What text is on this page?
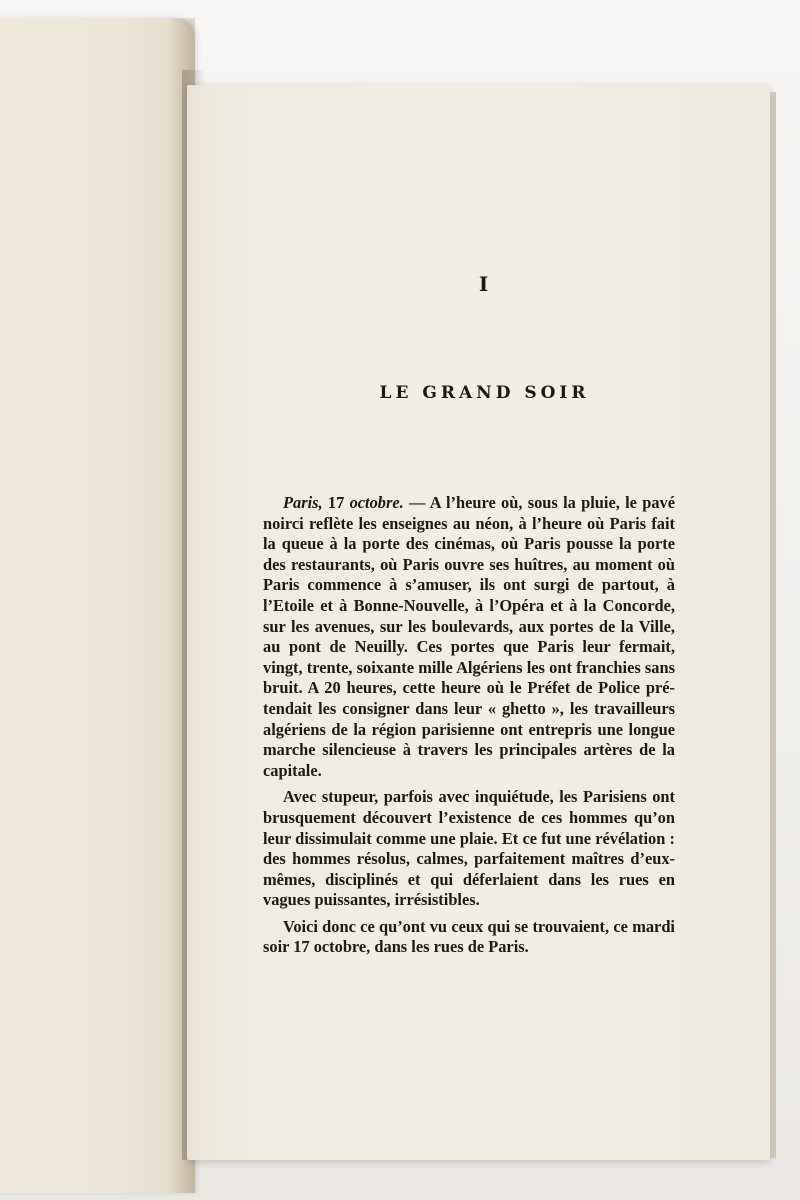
I
LE GRAND SOIR

Paris, 17 octobre. — A l’heure où, sous la pluie, le pavé noirci reflète les enseignes au néon, à l’heure où Paris fait la queue à la porte des cinémas, où Paris pousse la porte des restaurants, où Paris ouvre ses huîtres, au moment où Paris commence à s’amuser, ils ont surgi de partout, à l’Etoile et à Bonne-Nouvelle, à l’Opéra et à la Concorde, sur les avenues, sur les boulevards, aux portes de la Ville, au pont de Neuilly. Ces portes que Paris leur fermait, vingt, trente, soixante mille Algériens les ont franchies sans bruit. A 20 heures, cette heure où le Préfet de Police prétendait les consigner dans leur « ghetto », les travailleurs algériens de la région parisienne ont entrepris une longue marche silencieuse à travers les principales artères de la capitale.

Avec stupeur, parfois avec inquiétude, les Parisiens ont brusquement découvert l’existence de ces hommes qu’on leur dissimulait comme une plaie. Et ce fut une révélation : des hommes résolus, calmes, parfaitement maîtres d’eux-mêmes, disciplinés et qui déferlaient dans les rues en vagues puissantes, irrésistibles.

Voici donc ce qu’ont vu ceux qui se trouvaient, ce mardi soir 17 octobre, dans les rues de Paris.
